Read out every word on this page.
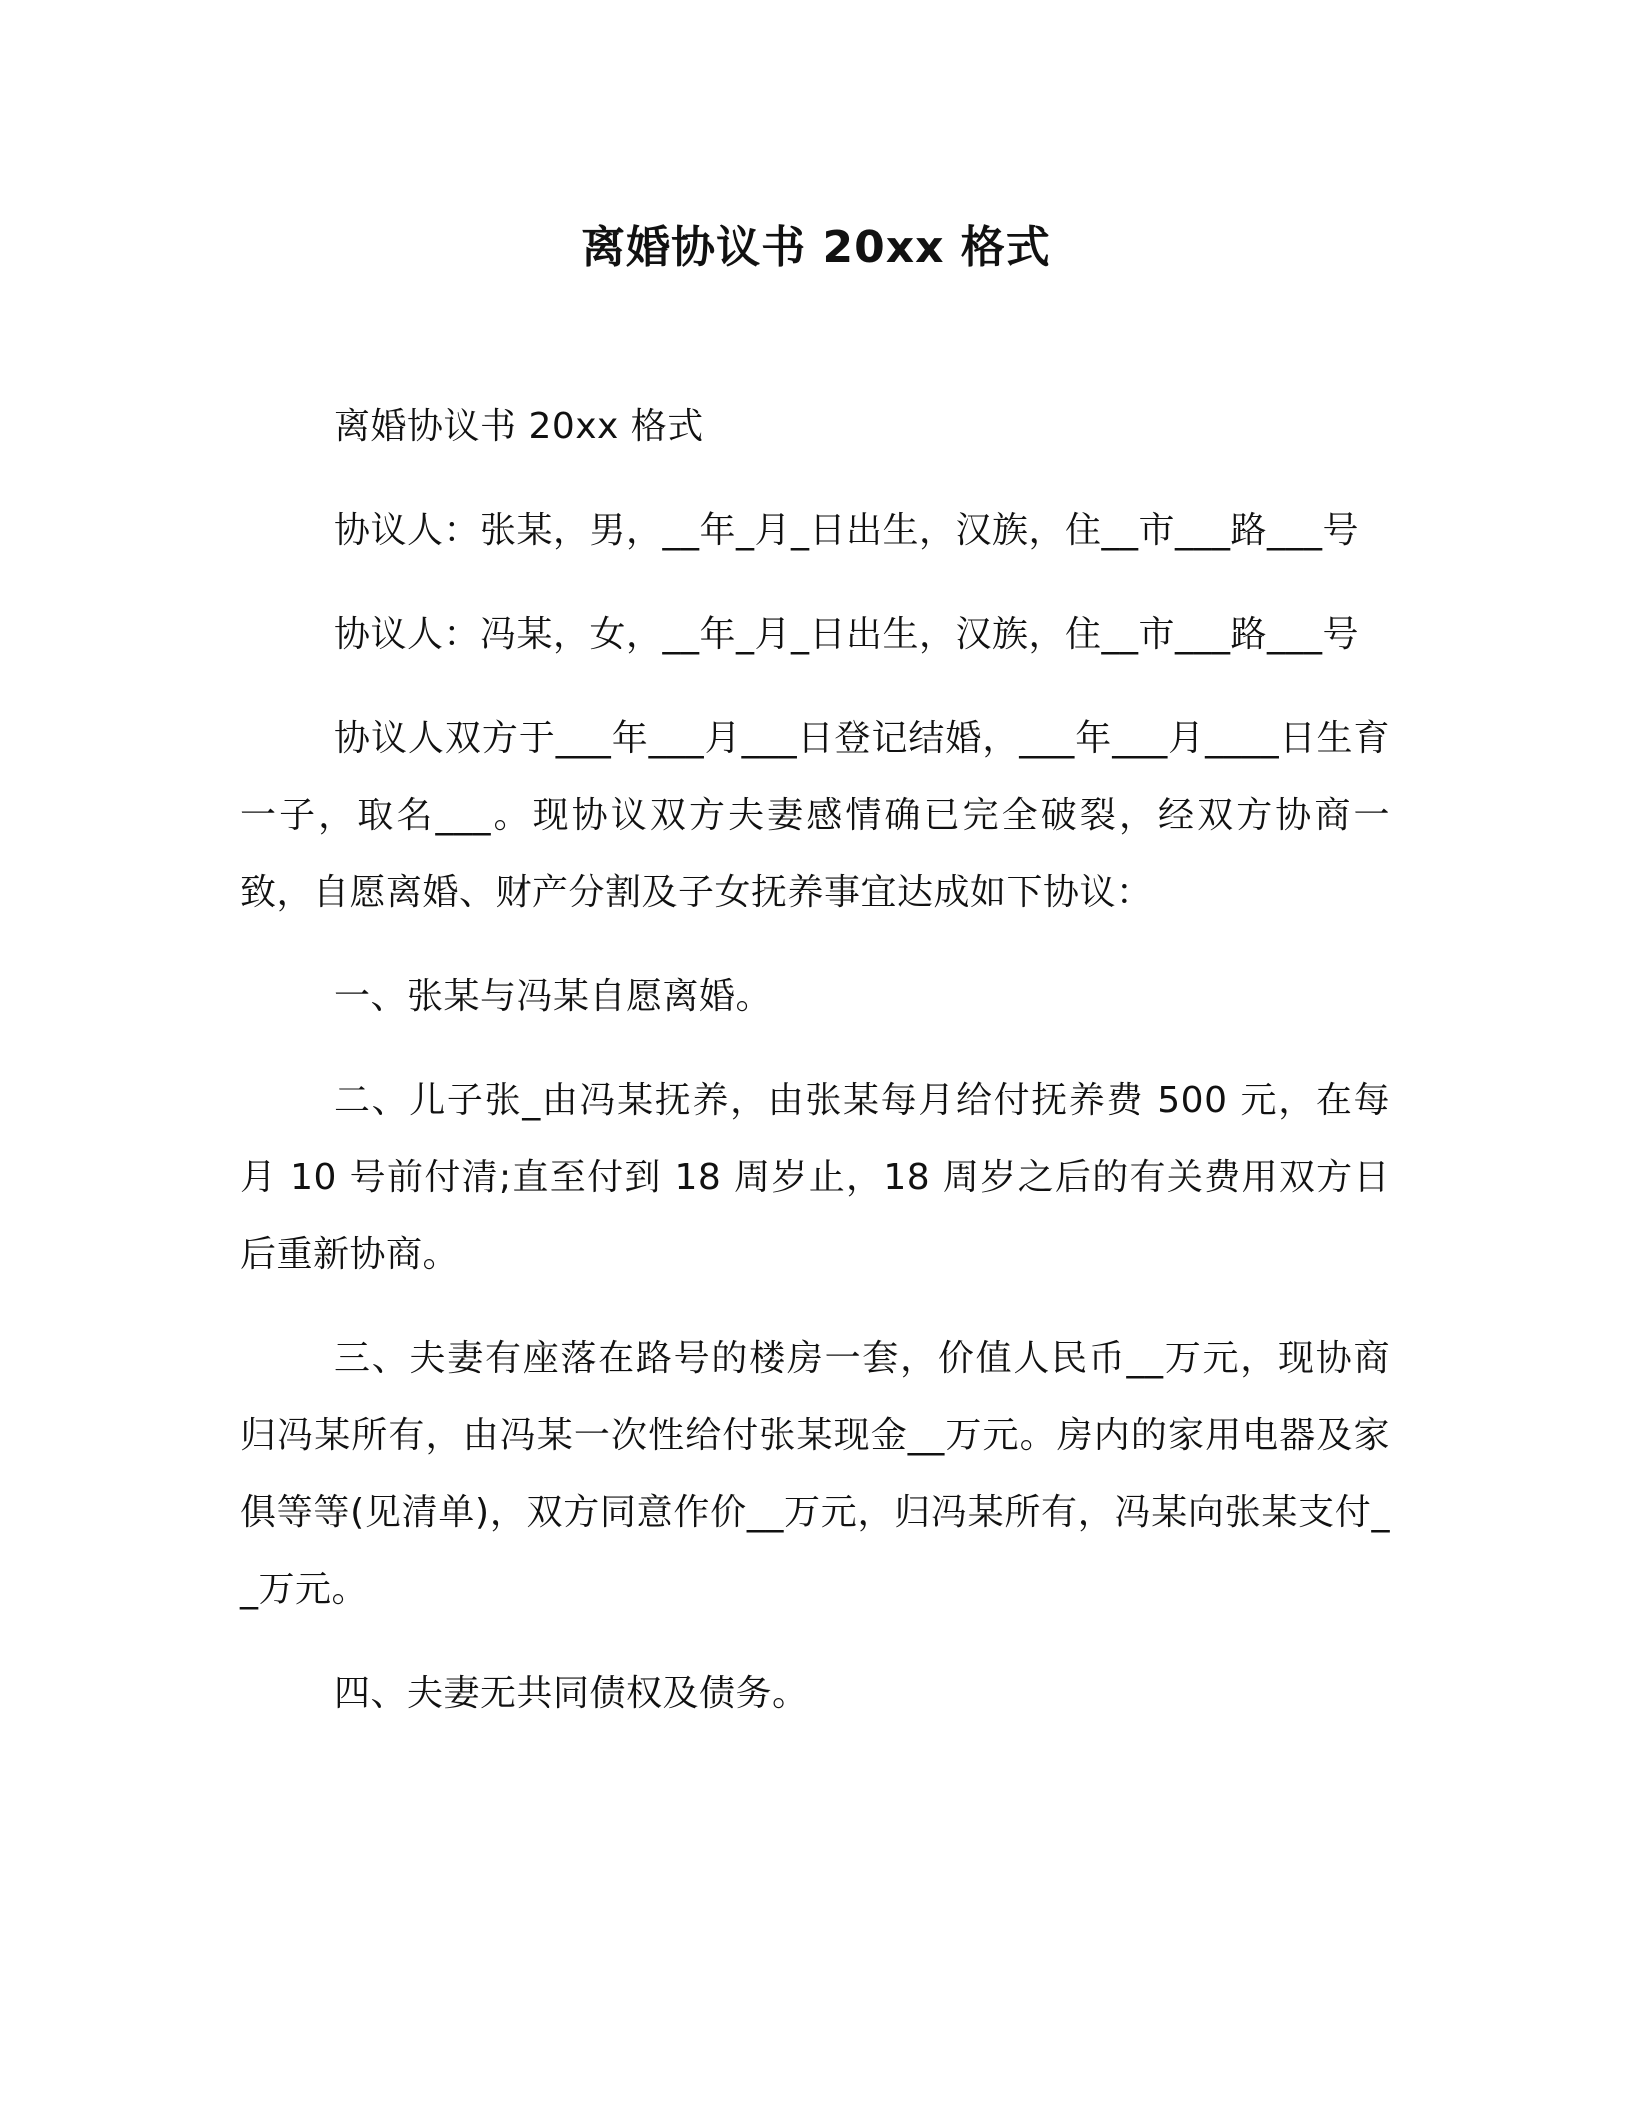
离婚协议书 20xx 格式

离婚协议书 20xx 格式

协议人：张某，男，__年_月_日出生，汉族，住__市___路___号

协议人：冯某，女，__年_月_日出生，汉族，住__市___路___号

协议人双方于___年___月___日登记结婚，___年___月____日生育一子，取名___。现协议双方夫妻感情确已完全破裂，经双方协商一致，自愿离婚、财产分割及子女抚养事宜达成如下协议：

一、张某与冯某自愿离婚。

二、儿子张_由冯某抚养，由张某每月给付抚养费 500 元，在每月 10 号前付清;直至付到 18 周岁止，18 周岁之后的有关费用双方日后重新协商。

三、夫妻有座落在路号的楼房一套，价值人民币__万元，现协商归冯某所有，由冯某一次性给付张某现金__万元。房内的家用电器及家俱等等(见清单)，双方同意作价__万元，归冯某所有，冯某向张某支付__万元。

四、夫妻无共同债权及债务。
